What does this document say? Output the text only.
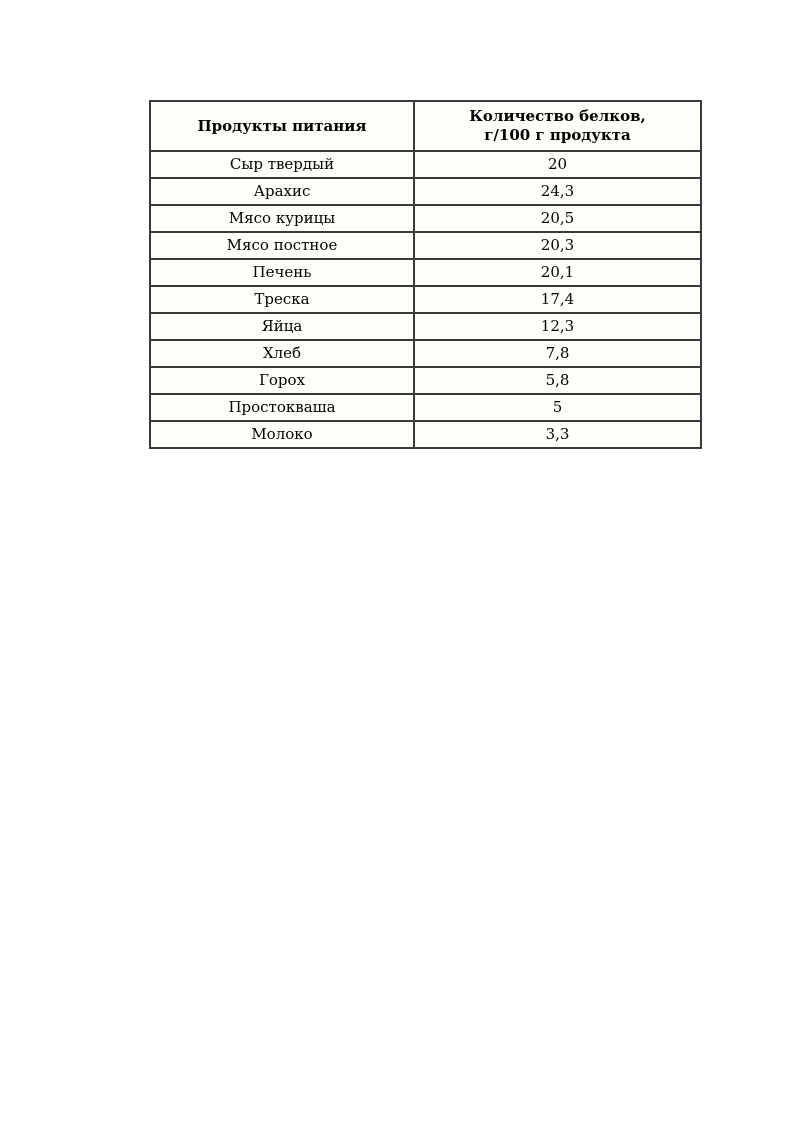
Продукты питания	Количество белков,
г/100 г продукта

Сыр твердый	20
Арахис	24,3
Мясо курицы	20,5
Мясо постное	20,3
Печень	20,1
Треска	17,4
Яйца	12,3
Хлеб	7,8
Горох	5,8
Простокваша	5
Молоко	3,3
